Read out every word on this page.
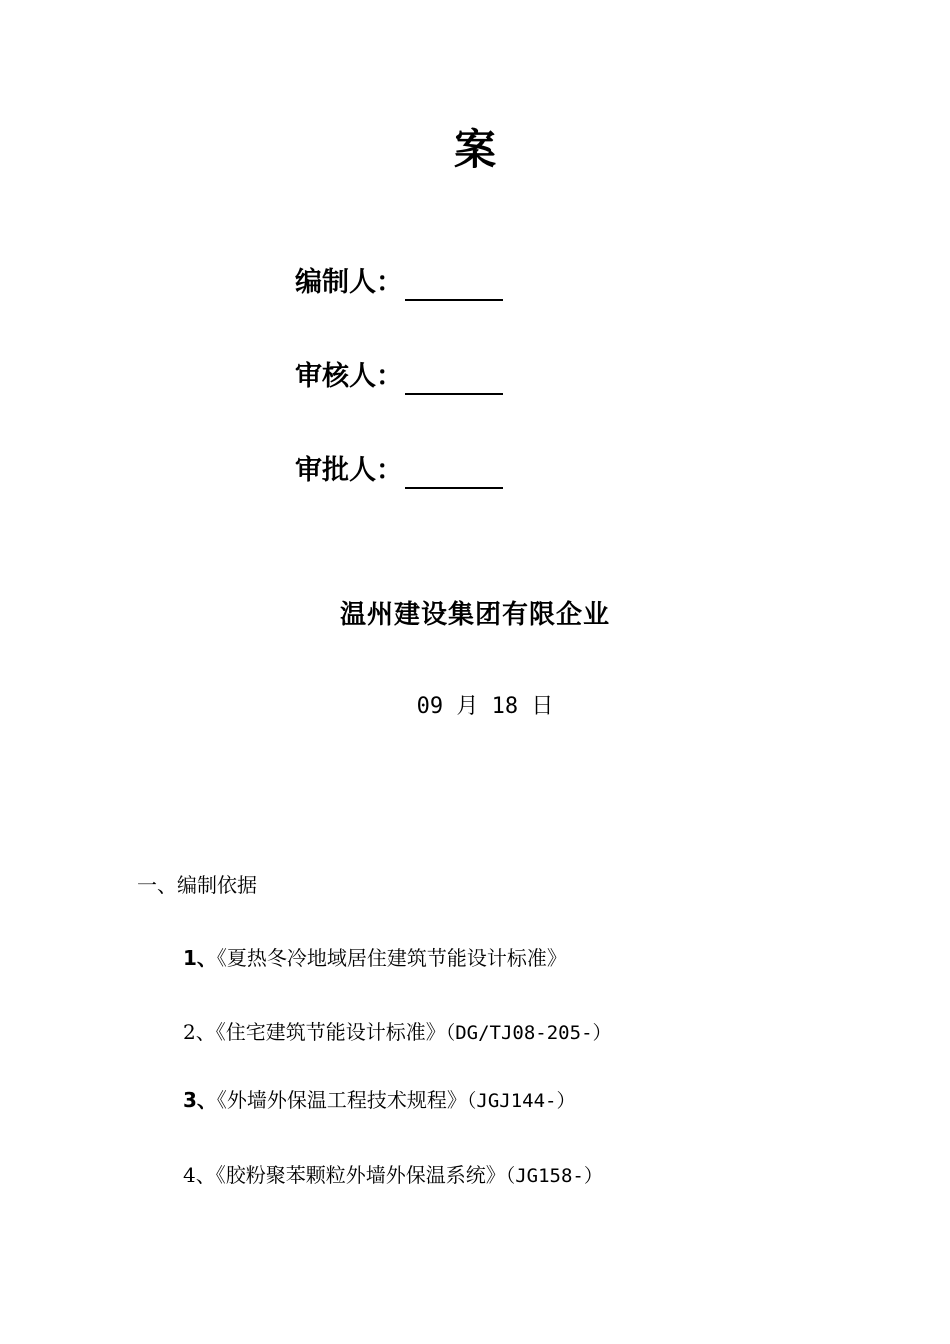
案
编制人：
审核人：
审批人：
温州建设集团有限企业
09 月 18 日
一、编制依据
1、《夏热冬冷地域居住建筑节能设计标准》
2、《住宅建筑节能设计标准》（DG/TJ08-205-）
3、《外墙外保温工程技术规程》（JGJ144-）
4、《胶粉聚苯颗粒外墙外保温系统》（JG158-）
